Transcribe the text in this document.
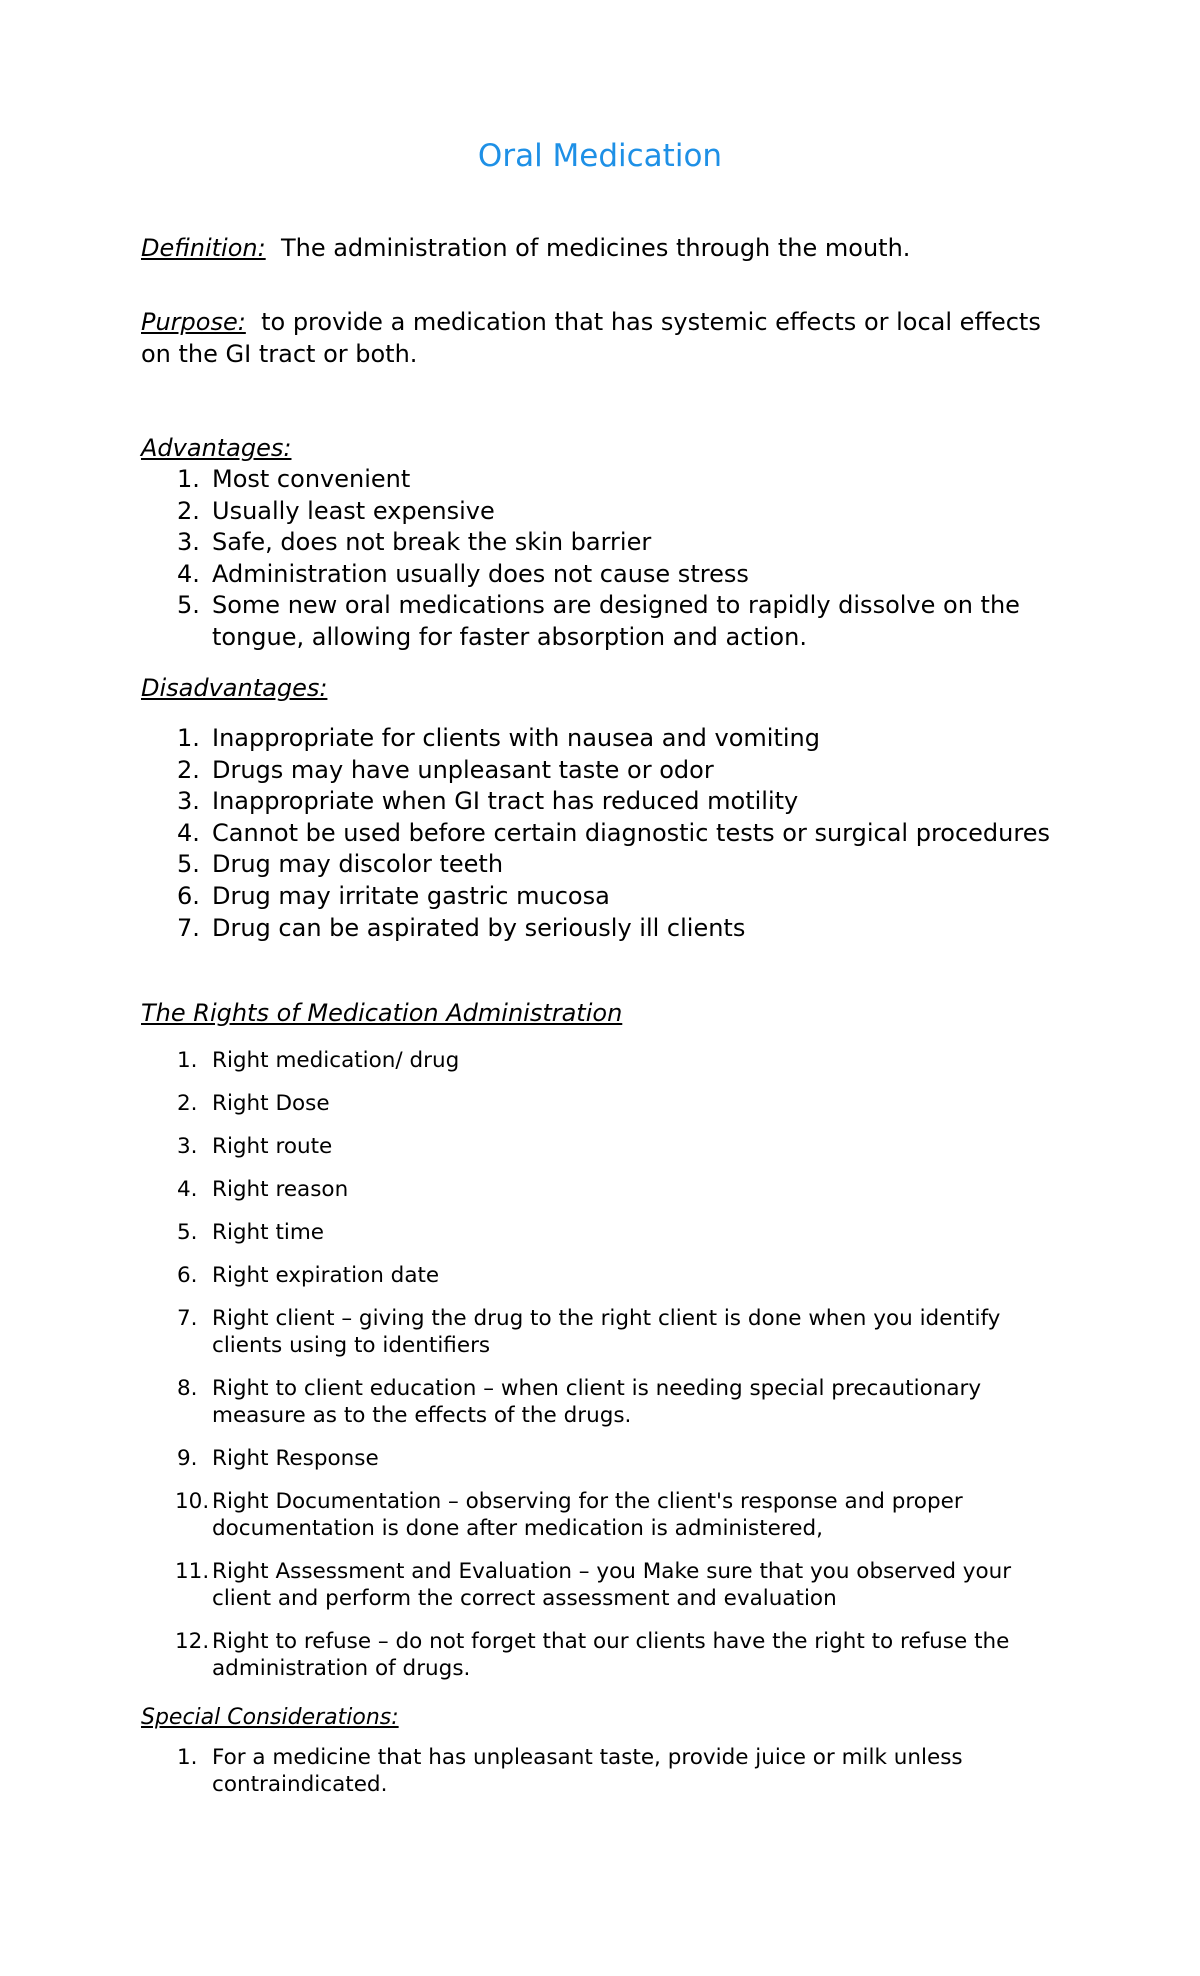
Oral Medication
Definition: The administration of medicines through the mouth.
Purpose: to provide a medication that has systemic effects or local effects on the GI tract or both.
Advantages:
1. Most convenient
2. Usually least expensive
3. Safe, does not break the skin barrier
4. Administration usually does not cause stress
5. Some new oral medications are designed to rapidly dissolve on the tongue, allowing for faster absorption and action.
Disadvantages:
1. Inappropriate for clients with nausea and vomiting
2. Drugs may have unpleasant taste or odor
3. Inappropriate when GI tract has reduced motility
4. Cannot be used before certain diagnostic tests or surgical procedures
5. Drug may discolor teeth
6. Drug may irritate gastric mucosa
7. Drug can be aspirated by seriously ill clients
The Rights of Medication Administration
1. Right medication/ drug
2. Right Dose
3. Right route
4. Right reason
5. Right time
6. Right expiration date
7. Right client – giving the drug to the right client is done when you identify clients using to identifiers
8. Right to client education – when client is needing special precautionary measure as to the effects of the drugs.
9. Right Response
10. Right Documentation – observing for the client's response and proper documentation is done after medication is administered,
11. Right Assessment and Evaluation – you Make sure that you observed your client and perform the correct assessment and evaluation
12. Right to refuse – do not forget that our clients have the right to refuse the administration of drugs.
Special Considerations:
1. For a medicine that has unpleasant taste, provide juice or milk unless contraindicated.
